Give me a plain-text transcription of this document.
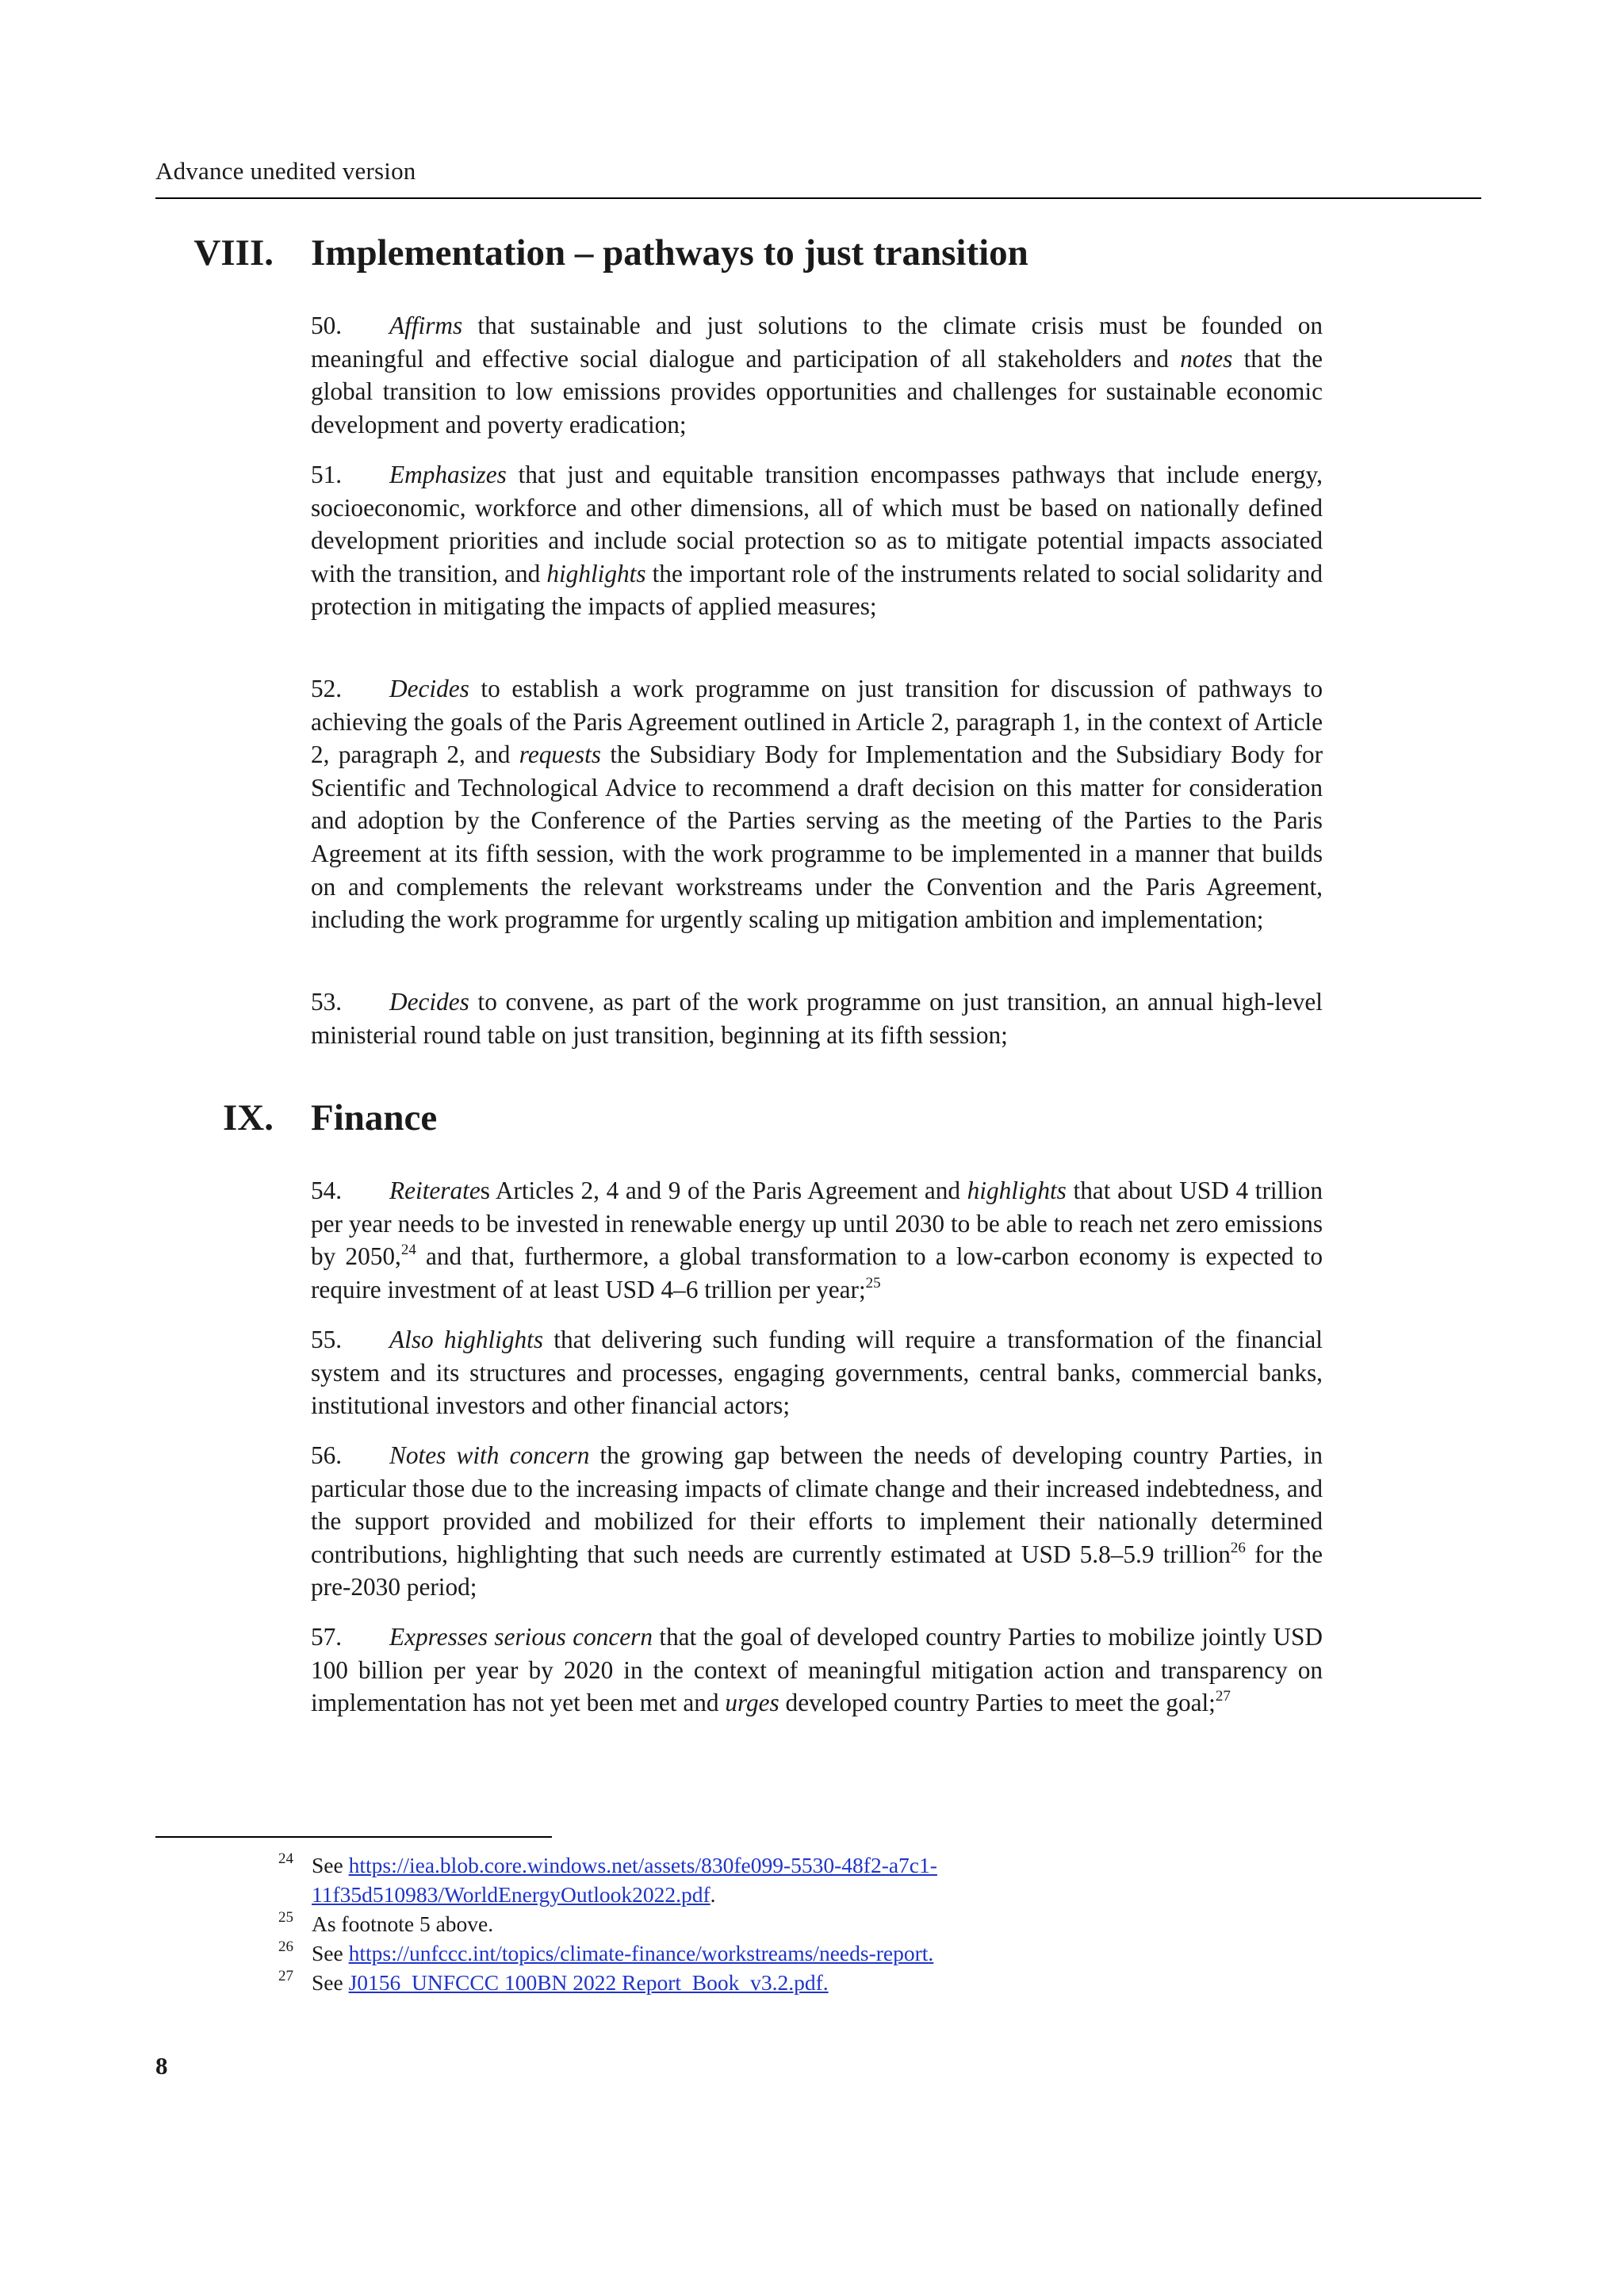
Advance unedited version
VIII. Implementation – pathways to just transition

50. Affirms that sustainable and just solutions to the climate crisis must be founded on meaningful and effective social dialogue and participation of all stakeholders and notes that the global transition to low emissions provides opportunities and challenges for sustainable economic development and poverty eradication;

51. Emphasizes that just and equitable transition encompasses pathways that include energy, socioeconomic, workforce and other dimensions, all of which must be based on nationally defined development priorities and include social protection so as to mitigate potential impacts associated with the transition, and highlights the important role of the instruments related to social solidarity and protection in mitigating the impacts of applied measures;

52. Decides to establish a work programme on just transition for discussion of pathways to achieving the goals of the Paris Agreement outlined in Article 2, paragraph 1, in the context of Article 2, paragraph 2, and requests the Subsidiary Body for Implementation and the Subsidiary Body for Scientific and Technological Advice to recommend a draft decision on this matter for consideration and adoption by the Conference of the Parties serving as the meeting of the Parties to the Paris Agreement at its fifth session, with the work programme to be implemented in a manner that builds on and complements the relevant workstreams under the Convention and the Paris Agreement, including the work programme for urgently scaling up mitigation ambition and implementation;

53. Decides to convene, as part of the work programme on just transition, an annual high-level ministerial round table on just transition, beginning at its fifth session;

IX. Finance

54. Reiterates Articles 2, 4 and 9 of the Paris Agreement and highlights that about USD 4 trillion per year needs to be invested in renewable energy up until 2030 to be able to reach net zero emissions by 2050,24 and that, furthermore, a global transformation to a low-carbon economy is expected to require investment of at least USD 4–6 trillion per year;$^{25}$

55. Also highlights that delivering such funding will require a transformation of the financial system and its structures and processes, engaging governments, central banks, commercial banks, institutional investors and other financial actors;

56. Notes with concern the growing gap between the needs of developing country Parties, in particular those due to the increasing impacts of climate change and their increased indebtedness, and the support provided and mobilized for their efforts to implement their nationally determined contributions, highlighting that such needs are currently estimated at USD 5.8–5.9 trillion$^{26}$ for the pre-2030 period;

57. Expresses serious concern that the goal of developed country Parties to mobilize jointly USD 100 billion per year by 2020 in the context of meaningful mitigation action and transparency on implementation has not yet been met and urges developed country Parties to meet the goal;$^{27}$

24 See https://iea.blob.core.windows.net/assets/830fe099-5530-48f2-a7c1-
11f35d510983/WorldEnergyOutlook2022.pdf.
25 As footnote 5 above.
26 See https://unfccc.int/topics/climate-finance/workstreams/needs-report.
27 See J0156_UNFCCC 100BN 2022 Report_Book_v3.2.pdf.
8
